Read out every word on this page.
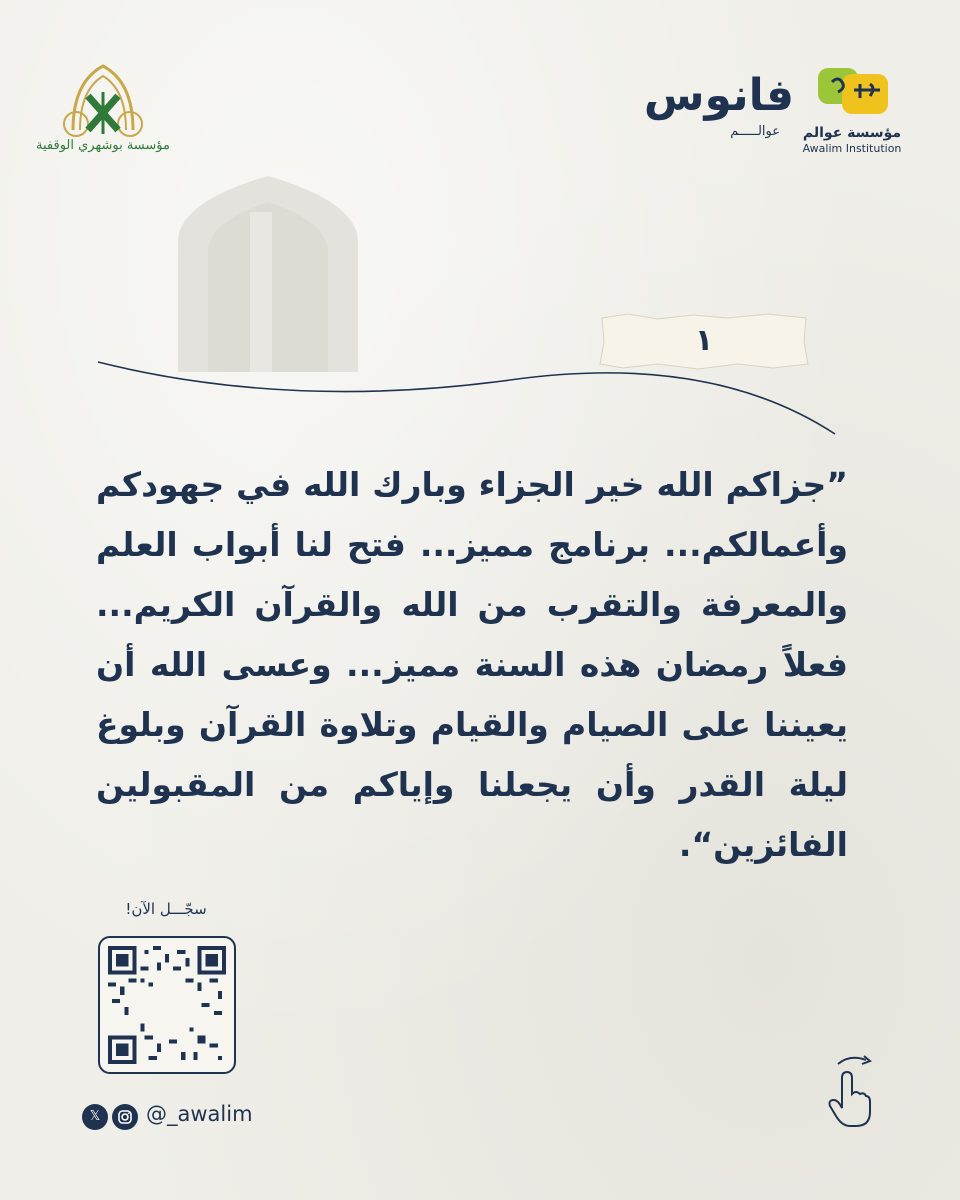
مؤسسة بوشهري الوقفية
فانوس
عوالـــــم	مؤسسة عوالم
Awalim Institution
١
”جزاكم الله خير الجزاء وبارك الله في جهودكم وأعمالكم... برنامج مميز... فتح لنا أبواب العلم والمعرفة والتقرب من الله والقرآن الكريم... فعلاً رمضان هذه السنة مميز... وعسى الله أن يعيننا على الصيام والقيام وتلاوة القرآن وبلوغ ليلة القدر وأن يجعلنا وإياكم من المقبولين الفائزين“.
سجّـــل الآن!
𝕏	@_awalim
